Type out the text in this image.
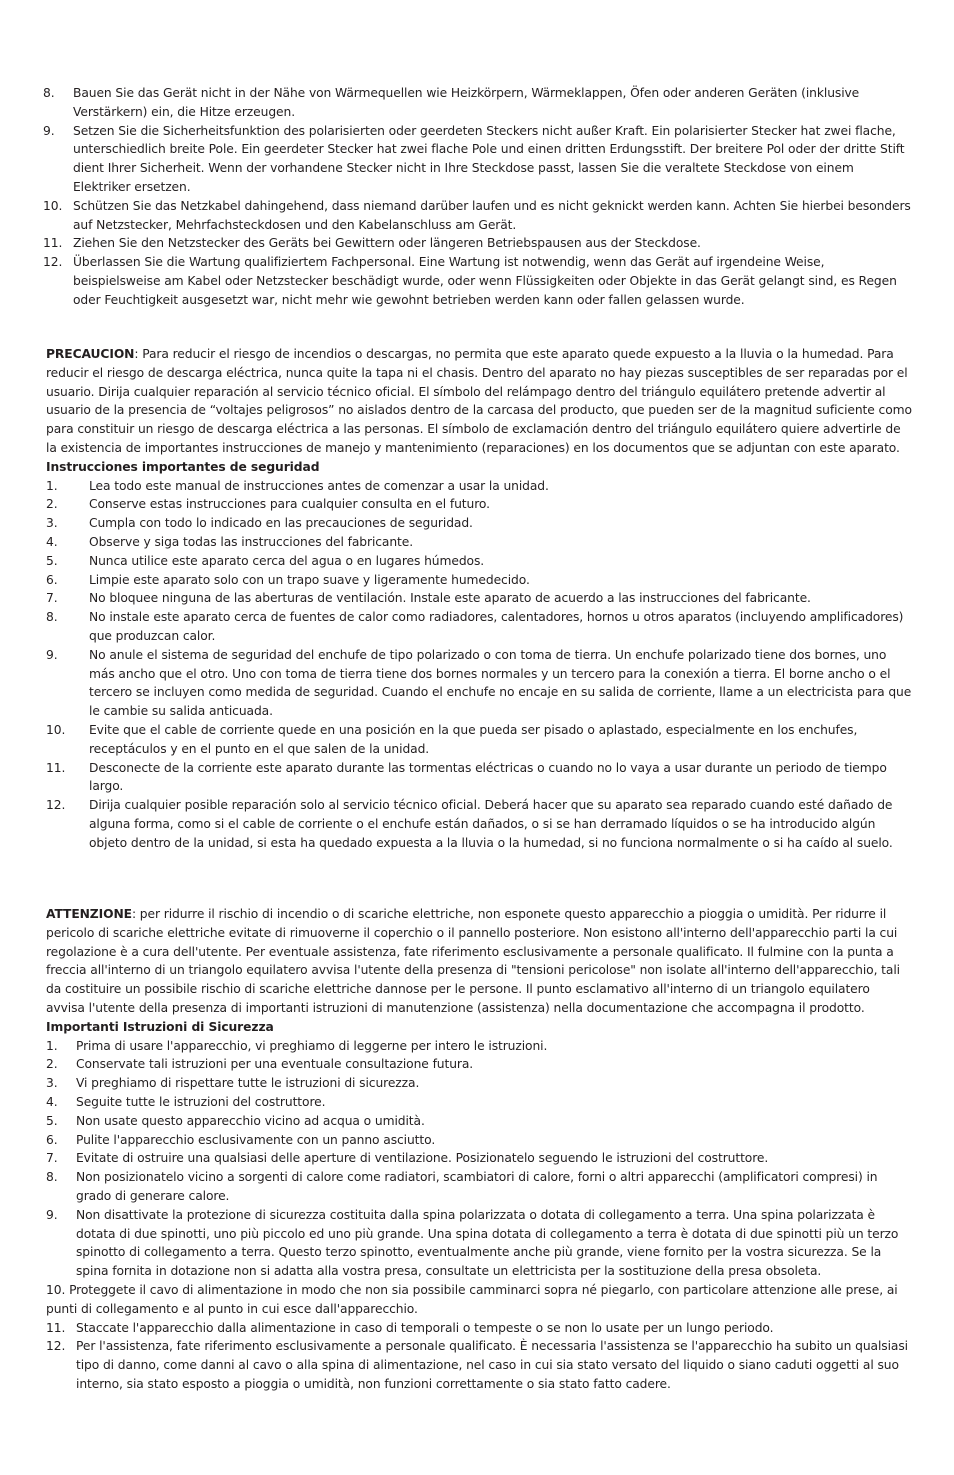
8.	Bauen Sie das Gerät nicht in der Nähe von Wärmequellen wie Heizkörpern, Wärmeklappen, Öfen oder anderen Geräten (inklusive Verstärkern) ein, die Hitze erzeugen.
9.	Setzen Sie die Sicherheitsfunktion des polarisierten oder geerdeten Steckers nicht außer Kraft. Ein polarisierter Stecker hat zwei flache, unterschiedlich breite Pole. Ein geerdeter Stecker hat zwei flache Pole und einen dritten Erdungsstift. Der breitere Pol oder der dritte Stift dient Ihrer Sicherheit. Wenn der vorhandene Stecker nicht in Ihre Steckdose passt, lassen Sie die veraltete Steckdose von einem Elektriker ersetzen.
10. Schützen Sie das Netzkabel dahingehend, dass niemand darüber laufen und es nicht geknickt werden kann. Achten Sie hierbei besonders auf Netzstecker, Mehrfachsteckdosen und den Kabelanschluss am Gerät.
11. Ziehen Sie den Netzstecker des Geräts bei Gewittern oder längeren Betriebspausen aus der Steckdose.
12. Überlassen Sie die Wartung qualifiziertem Fachpersonal. Eine Wartung ist notwendig, wenn das Gerät auf irgendeine Weise, beispielsweise am Kabel oder Netzstecker beschädigt wurde, oder wenn Flüssigkeiten oder Objekte in das Gerät gelangt sind, es Regen oder Feuchtigkeit ausgesetzt war, nicht mehr wie gewohnt betrieben werden kann oder fallen gelassen wurde.

PRECAUCION: Para reducir el riesgo de incendios o descargas, no permita que este aparato quede expuesto a la lluvia o la humedad. Para reducir el riesgo de descarga eléctrica, nunca quite la tapa ni el chasis. Dentro del aparato no hay piezas susceptibles de ser reparadas por el usuario. Dirija cualquier reparación al servicio técnico oficial. El símbolo del relámpago dentro del triángulo equilátero pretende advertir al usuario de la presencia de “voltajes peligrosos” no aislados dentro de la carcasa del producto, que pueden ser de la magnitud suficiente como para constituir un riesgo de descarga eléctrica a las personas. El símbolo de exclamación dentro del triángulo equilátero quiere advertirle de la existencia de importantes instrucciones de manejo y mantenimiento (reparaciones) en los documentos que se adjuntan con este aparato.

Instrucciones importantes de seguridad

1.	Lea todo este manual de instrucciones antes de comenzar a usar la unidad.
2.	Conserve estas instrucciones para cualquier consulta en el futuro.
3.	Cumpla con todo lo indicado en las precauciones de seguridad.
4.	Observe y siga todas las instrucciones del fabricante.
5.	Nunca utilice este aparato cerca del agua o en lugares húmedos.
6.	Limpie este aparato solo con un trapo suave y ligeramente humedecido.
7.	No bloquee ninguna de las aberturas de ventilación. Instale este aparato de acuerdo a las instrucciones del fabricante.
8.	No instale este aparato cerca de fuentes de calor como radiadores, calentadores, hornos u otros aparatos (incluyendo amplificadores) que produzcan calor.
9.	No anule el sistema de seguridad del enchufe de tipo polarizado o con toma de tierra. Un enchufe polarizado tiene dos bornes, uno más ancho que el otro. Uno con toma de tierra tiene dos bornes normales y un tercero para la conexión a tierra. El borne ancho o el tercero se incluyen como medida de seguridad. Cuando el enchufe no encaje en su salida de corriente, llame a un electricista para que le cambie su salida anticuada.
10.	Evite que el cable de corriente quede en una posición en la que pueda ser pisado o aplastado, especialmente en los enchufes, receptáculos y en el punto en el que salen de la unidad.
11.	Desconecte de la corriente este aparato durante las tormentas eléctricas o cuando no lo vaya a usar durante un periodo de tiempo largo.
12.	Dirija cualquier posible reparación solo al servicio técnico oficial. Deberá hacer que su aparato sea reparado cuando esté dañado de alguna forma, como si el cable de corriente o el enchufe están dañados, o si se han derramado líquidos o se ha introducido algún objeto dentro de la unidad, si esta ha quedado expuesta a la lluvia o la humedad, si no funciona normalmente o si ha caído al suelo.

ATTENZIONE: per ridurre il rischio di incendio o di scariche elettriche, non esponete questo apparecchio a pioggia o umidità. Per ridurre il pericolo di scariche elettriche evitate di rimuoverne il coperchio o il pannello posteriore. Non esistono all'interno dell'apparecchio parti la cui regolazione è a cura dell'utente. Per eventuale assistenza, fate riferimento esclusivamente a personale qualificato. Il fulmine con la punta a freccia all'interno di un triangolo equilatero avvisa l'utente della presenza di "tensioni pericolose" non isolate all'interno dell'apparecchio, tali da costituire un possibile rischio di scariche elettriche dannose per le persone. Il punto esclamativo all'interno di un triangolo equilatero avvisa l'utente della presenza di importanti istruzioni di manutenzione (assistenza) nella documentazione che accompagna il prodotto.

Importanti Istruzioni di Sicurezza

1.	Prima di usare l'apparecchio, vi preghiamo di leggerne per intero le istruzioni.
2.	Conservate tali istruzioni per una eventuale consultazione futura.
3.	Vi preghiamo di rispettare tutte le istruzioni di sicurezza.
4.	Seguite tutte le istruzioni del costruttore.
5.	Non usate questo apparecchio vicino ad acqua o umidità.
6.	Pulite l'apparecchio esclusivamente con un panno asciutto.
7.	Evitate di ostruire una qualsiasi delle aperture di ventilazione. Posizionatelo seguendo le istruzioni del costruttore.
8.	Non posizionatelo vicino a sorgenti di calore come radiatori, scambiatori di calore, forni o altri apparecchi (amplificatori compresi) in grado di generare calore.
9.	Non disattivate la protezione di sicurezza costituita dalla spina polarizzata o dotata di collegamento a terra. Una spina polarizzata è dotata di due spinotti, uno più piccolo ed uno più grande. Una spina dotata di collegamento a terra è dotata di due spinotti più un terzo spinotto di collegamento a terra. Questo terzo spinotto, eventualmente anche più grande, viene fornito per la vostra sicurezza. Se la spina fornita in dotazione non si adatta alla vostra presa, consultate un elettricista per la sostituzione della presa obsoleta.
10. Proteggete il cavo di alimentazione in modo che non sia possibile camminarci sopra né piegarlo, con particolare attenzione alle prese, ai punti di collegamento e al punto in cui esce dall'apparecchio.
11. Staccate l'apparecchio dalla alimentazione in caso di temporali o tempeste o se non lo usate per un lungo periodo.
12. Per l'assistenza, fate riferimento esclusivamente a personale qualificato. È necessaria l'assistenza se l'apparecchio ha subito un qualsiasi tipo di danno, come danni al cavo o alla spina di alimentazione, nel caso in cui sia stato versato del liquido o siano caduti oggetti al suo interno, sia stato esposto a pioggia o umidità, non funzioni correttamente o sia stato fatto cadere.
